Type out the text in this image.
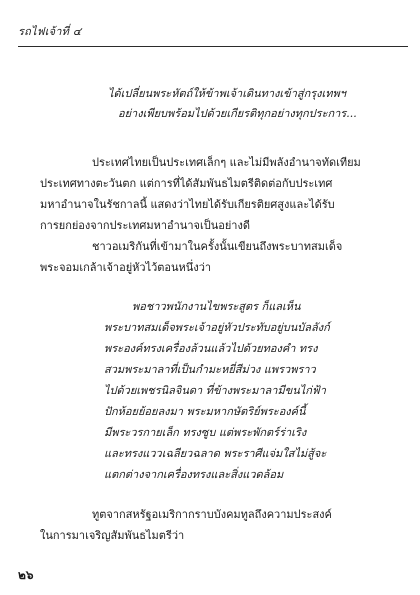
รถไฟเจ้าที่ ๔

ได้เปลี่ยนพระหัตถ์ให้ข้าพเจ้าเดินทางเข้าสู่กรุงเทพฯ

อย่างเพียบพร้อมไปด้วยเกียรติทุกอย่างทุกประการ...

ประเทศไทยเป็นประเทศเล็กๆ และไม่มีพลังอำนาจทัดเทียม

ประเทศทางตะวันตก แต่การที่ได้สัมพันธไมตรีติดต่อกับประเทศ

มหาอำนาจในรัชกาลนี้ แสดงว่าไทยได้รับเกียรติยศสูงและได้รับ

การยกย่องจากประเทศมหาอำนาจเป็นอย่างดี

ชาวอเมริกันที่เข้ามาในครั้งนั้นเขียนถึงพระบาทสมเด็จ

พระจอมเกล้าเจ้าอยู่หัวไว้ตอนหนึ่งว่า

พอชาวพนักงานไขพระสูตร ก็แลเห็น

พระบาทสมเด็จพระเจ้าอยู่หัวประทับอยู่บนบัลลังก์

พระองค์ทรงเครื่องล้วนแล้วไปด้วยทองคำ ทรง

สวมพระมาลาที่เป็นกำมะหยี่สีม่วง แพรวพราว

ไปด้วยเพชรนิลจินดา ที่ข้างพระมาลามีขนไก่ฟ้า

ปักห้อยย้อยลงมา พระมหากษัตริย์พระองค์นี้

มีพระวรกายเล็ก ทรงซูบ แต่พระพักตร์ร่าเริง

และทรงแววเฉลียวฉลาด พระราศีแจ่มใสไม่สู้จะ

แตกต่างจากเครื่องทรงและสิ่งแวดล้อม

ทูตจากสหรัฐอเมริกากราบบังคมทูลถึงความประสงค์

ในการมาเจริญสัมพันธไมตรีว่า

๒๖
